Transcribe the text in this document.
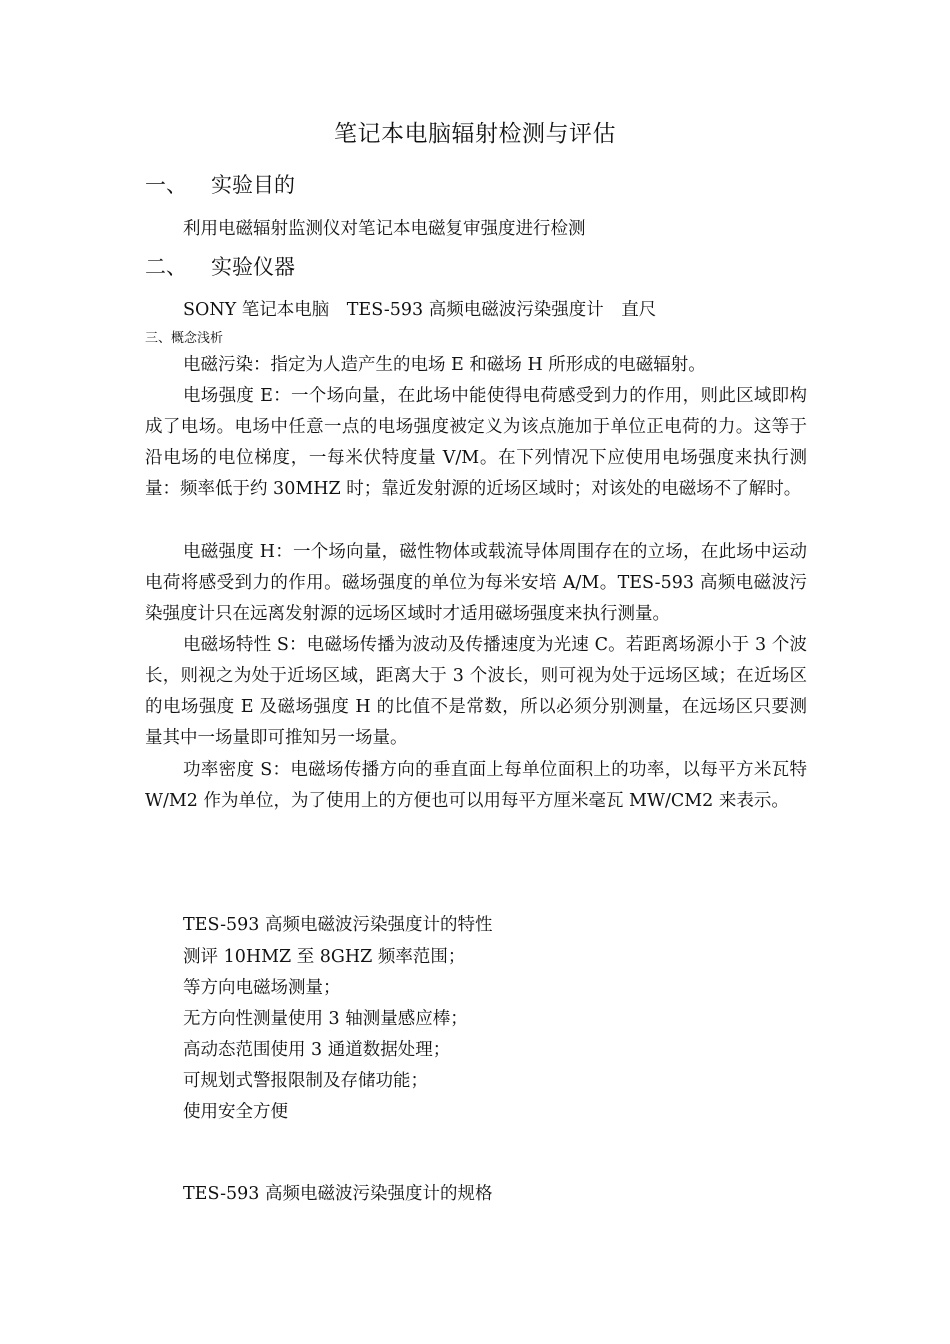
笔记本电脑辐射检测与评估
一、 实验目的
利用电磁辐射监测仪对笔记本电磁复审强度进行检测
二、 实验仪器
SONY 笔记本电脑　TES-593 高频电磁波污染强度计　直尺
三、概念浅析

电磁污染：指定为人造产生的电场 E 和磁场 H 所形成的电磁辐射。

电场强度 E：一个场向量，在此场中能使得电荷感受到力的作用，则此区域即构成了电场。电场中任意一点的电场强度被定义为该点施加于单位正电荷的力。这等于沿电场的电位梯度，一每米伏特度量 V/M。在下列情况下应使用电场强度来执行测量：频率低于约 30MHZ 时；靠近发射源的近场区域时；对该处的电磁场不了解时。

电磁强度 H：一个场向量，磁性物体或载流导体周围存在的立场，在此场中运动电荷将感受到力的作用。磁场强度的单位为每米安培 A/M。TES-593 高频电磁波污染强度计只在远离发射源的远场区域时才适用磁场强度来执行测量。

电磁场特性 S：电磁场传播为波动及传播速度为光速 C。若距离场源小于 3 个波长，则视之为处于近场区域，距离大于 3 个波长，则可视为处于远场区域；在近场区的电场强度 E 及磁场强度 H 的比值不是常数，所以必须分别测量，在远场区只要测量其中一场量即可推知另一场量。

功率密度 S：电磁场传播方向的垂直面上每单位面积上的功率，以每平方米瓦特 W/M2 作为单位，为了使用上的方便也可以用每平方厘米毫瓦 MW/CM2 来表示。

TES-593 高频电磁波污染强度计的特性
测评 10HMZ 至 8GHZ 频率范围；
等方向电磁场测量；
无方向性测量使用 3 轴测量感应棒；
高动态范围使用 3 通道数据处理；
可规划式警报限制及存储功能；
使用安全方便
TES-593 高频电磁波污染强度计的规格
